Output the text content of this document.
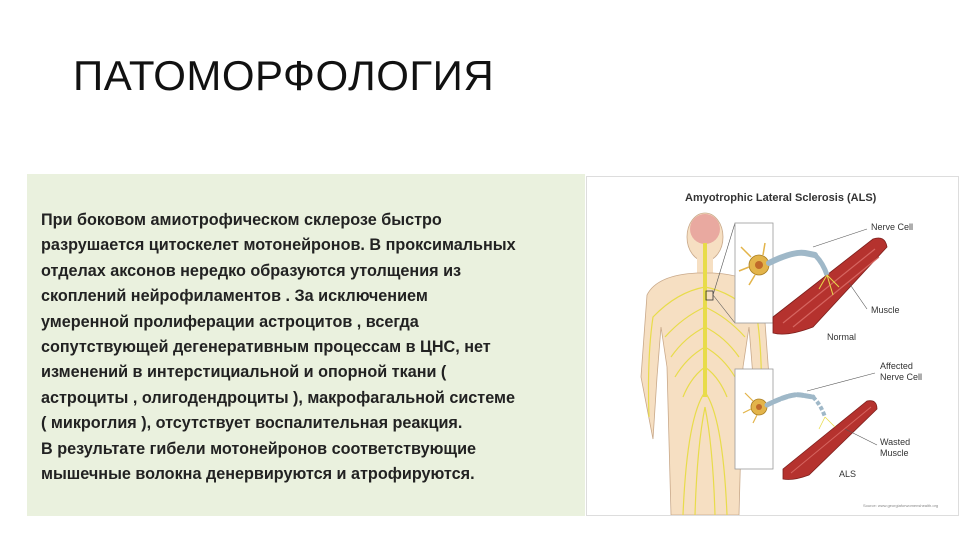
ПАТОМОРФОЛОГИЯ

При боковом амиотрофическом склерозе быстро
разрушается цитоскелет мотонейронов. В проксимальных
отделах аксонов нередко образуются утолщения из
скоплений нейрофиламентов . За исключением
умеренной пролиферации астроцитов , всегда
сопутствующей дегенеративным процессам в ЦНС, нет
изменений в интерстициальной и опорной ткани (
астроциты , олигодендроциты ), макрофагальной системе
( микроглия ), отсутствует воспалительная реакция.
В результате гибели мотонейронов соответствующие
мышечные волокна денервируются и атрофируются.

Amyotrophic Lateral Sclerosis (ALS)
Nerve Cell
Muscle
Normal
Affected
Nerve Cell
Wasted
Muscle
ALS
Source: www.georgiaforwomenshealth.org
